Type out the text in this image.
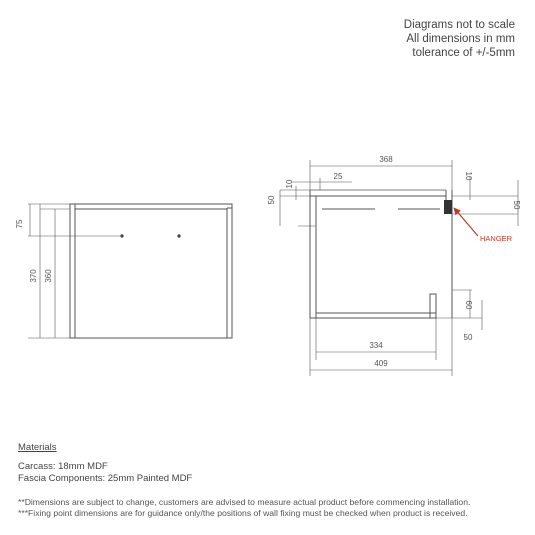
Diagrams not to scale
All dimensions in mm
tolerance of +/-5mm
75
370 360
368
25
10
50
10
50
60
50
334
409
HANGER
Materials
Carcass: 18mm MDF
Fascia Components: 25mm Painted MDF
**Dimensions are subject to change, customers are advised to measure actual product before commencing installation.
***Fixing point dimensions are for guidance only/the positions of wall fixing must be checked when product is received.
